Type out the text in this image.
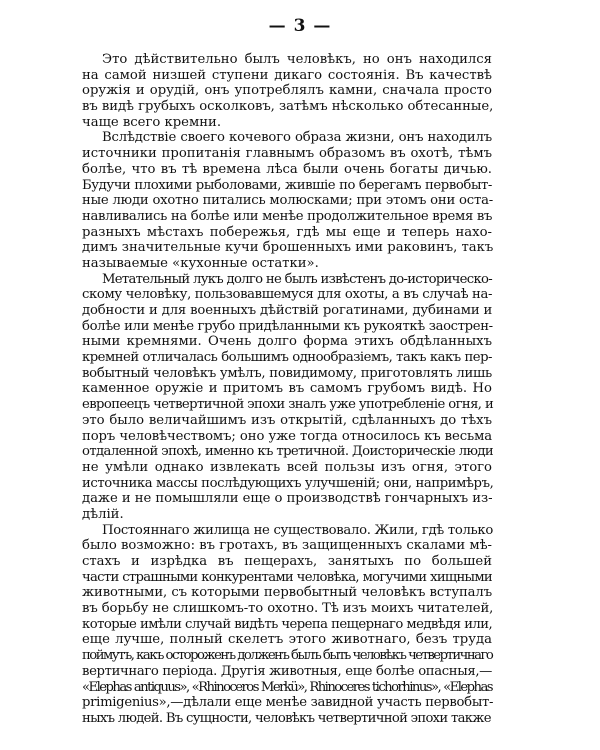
— 3 —
Это дѣйствительно былъ человѣкъ, но онъ находился
на самой низшей ступени дикаго состоянія. Въ качествѣ
оружія и орудій, онъ употреблялъ камни, сначала просто
въ видѣ грубыхъ осколковъ, затѣмъ нѣсколько обтесанные,
чаще всего кремни.
Вслѣдствіе своего кочевого образа жизни, онъ находилъ
источники пропитанія главнымъ образомъ въ охотѣ, тѣмъ
болѣе, что въ тѣ времена лѣса были очень богаты дичью.
Будучи плохими рыболовами, жившіе по берегамъ первобыт-
ные люди охотно питались молюсками; при этомъ они оста-
навливались на болѣе или менѣе продолжительное время въ
разныхъ мѣстахъ побережья, гдѣ мы еще и теперь нахо-
димъ значительные кучи брошенныхъ ими раковинъ, такъ
называемые «кухонные остатки».
Метательный лукъ долго не былъ извѣстенъ до-историческо-
скому человѣку, пользовавшемуся для охоты, а въ случаѣ на-
добности и для военныхъ дѣйствій рогатинами, дубинами и
болѣе или менѣе грубо придѣланными къ рукояткѣ заострен-
ными кремнями. Очень долго форма этихъ обдѣланныхъ
кремней отличалась большимъ однообразіемъ, такъ какъ пер-
вобытный человѣкъ умѣлъ, повидимому, приготовлять лишь
каменное оружіе и притомъ въ самомъ грубомъ видѣ. Но
европеецъ четвертичной эпохи зналъ уже употребленіе огня, и
это было величайшимъ изъ открытій, сдѣланныхъ до тѣхъ
поръ человѣчествомъ; оно уже тогда относилось къ весьма
отдаленной эпохѣ, именно къ третичной. Доисторическіе люди
не умѣли однако извлекать всей пользы изъ огня, этого
источника массы послѣдующихъ улучшеній; они, напримѣръ,
даже и не помышляли еще о производствѣ гончарныхъ из-
дѣлій.
Постояннаго жилища не существовало. Жили, гдѣ только
было возможно: въ гротахъ, въ защищенныхъ скалами мѣ-
стахъ и изрѣдка въ пещерахъ, занятыхъ по большей
части страшными конкурентами человѣка, могучими хищными
животными, съ которыми первобытный человѣкъ вступалъ
въ борьбу не слишкомъ-то охотно. Тѣ изъ моихъ читателей,
которые имѣли случай видѣть черепа пещернаго медвѣдя или,
еще лучше, полный скелетъ этого животнаго, безъ труда
поймутъ, какъ остороженъ долженъ былъ быть человѣкъ четвертичнаго
вертичнаго періода. Другія животныя, еще болѣе опасныя,—
«Elephas antiquus», «Rhinoceros Merkü», Rhinoceres tichorhinus», «Elephas
primigenius»,—дѣлали еще менѣе завидной участь первобыт-
ныхъ людей. Въ сущности, человѣкъ четвертичной эпохи также
